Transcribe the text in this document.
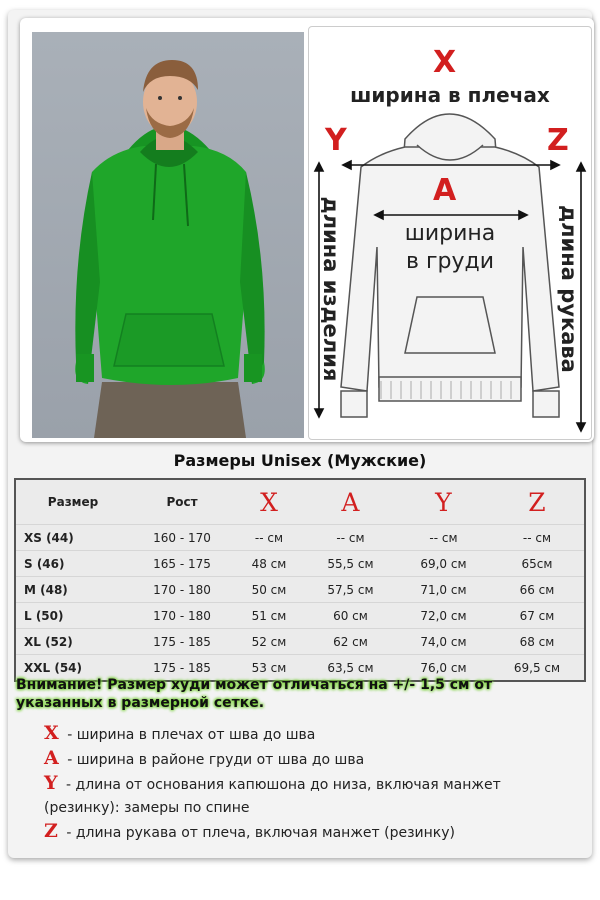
X
ширина в плечах
Y	Z
A
ширина
в груди
длина изделия	длина рукава
Размеры Unisex (Мужские)
Размер	Рост	X	A	Y	Z
XS (44)	160 - 170	-- см	-- см	-- см	-- см
S (46)	165 - 175	48 см	55,5 см	69,0 см	65см
M (48)	170 - 180	50 см	57,5 см	71,0 см	66 см
L (50)	170 - 180	51 см	60 см	72,0 см	67 см
XL (52)	175 - 185	52 см	62 см	74,0 см	68 см
XXL (54)	175 - 185	53 см	63,5 см	76,0 см	69,5 см
Внимание! Размер худи может отличаться на +/- 1,5 см от указанных в размерной сетке.
X - ширина в плечах от шва до шва
A - ширина в районе груди от шва до шва
Y - длина от основания капюшона до низа, включая манжет (резинку): замеры по спине
Z - длина рукава от плеча, включая манжет (резинку)
